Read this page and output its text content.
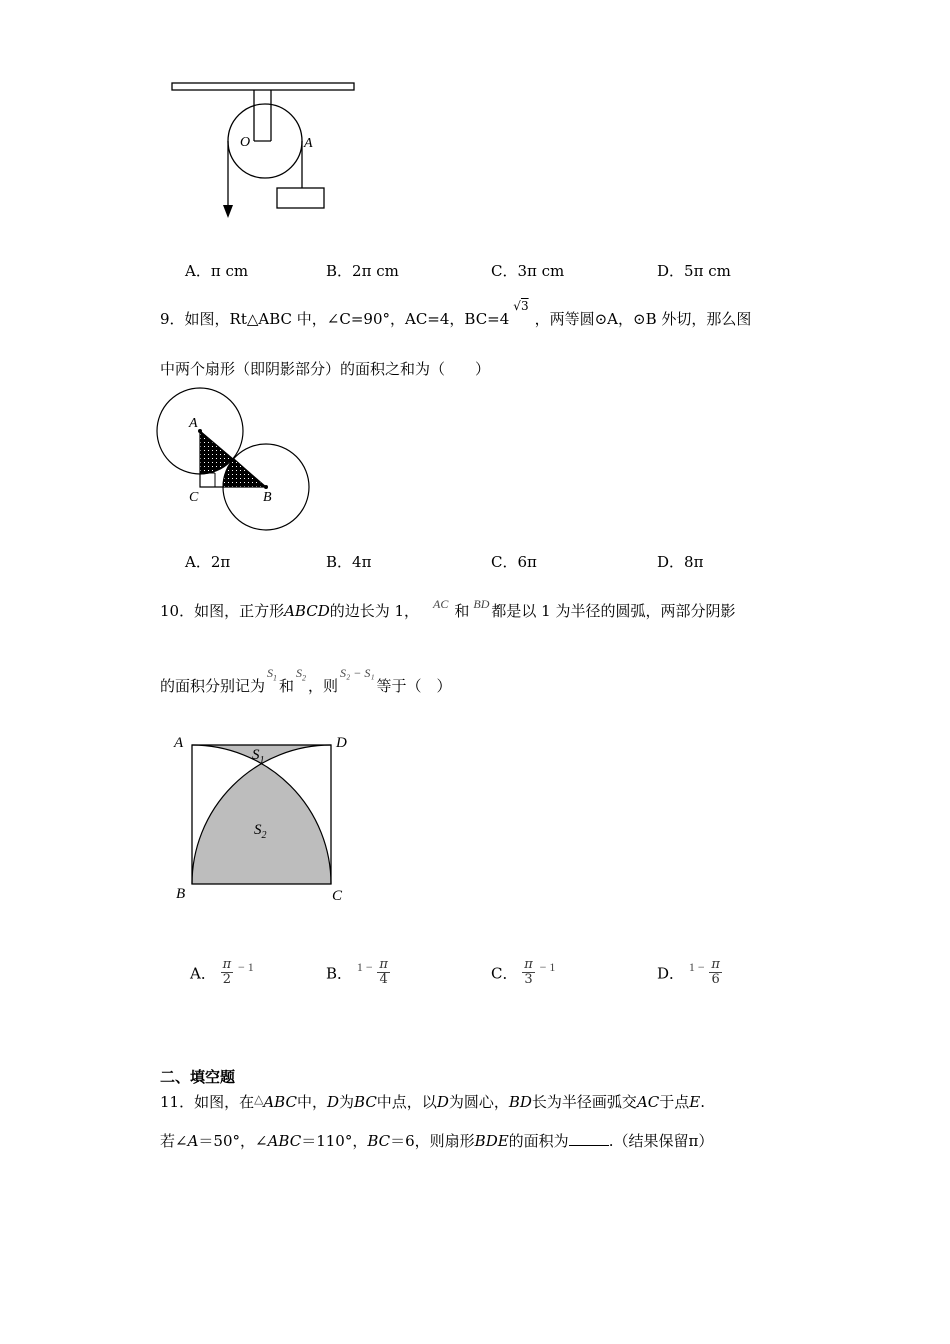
O	A
A．π cm	B．2π cm	C．3π cm	D．5π cm
9．如图，Rt△ABC 中，∠C=90°，AC=4，$BC=4^{√3}$，两等圆⊙A，⊙B 外切，那么图
中两个扇形（即阴影部分）的面积之和为（　　）
A
C	B
A．2π	B．4π	C．6π	D．8π
10．如图，正方形ABCD的边长为 1， $^{AC}$ 和 $^{BD}$ 都是以 1 为半径的圆弧，两部分阴影
的面积分别记为$^{S_1}$ 和$^{S_2}$ ，则$^{S_2 - S_1}$等于（　）
A	D
B	C
$S_1$
$S_2$
A． $\frac{\pi}{2} ^{- 1}$	B． $^{1 -} \frac{\pi}{4}$	C． $\frac{\pi}{3} ^{- 1}$	D． $^{1 -} \frac{\pi}{6}$
二、填空题
11．如图，在△ABC中，D为BC中点，以D为圆心，BD长为半径画弧交AC于点E.
若∠A＝50°，∠ABC＝110°，BC＝6，则扇形BDE的面积为	.（结果保留π）
